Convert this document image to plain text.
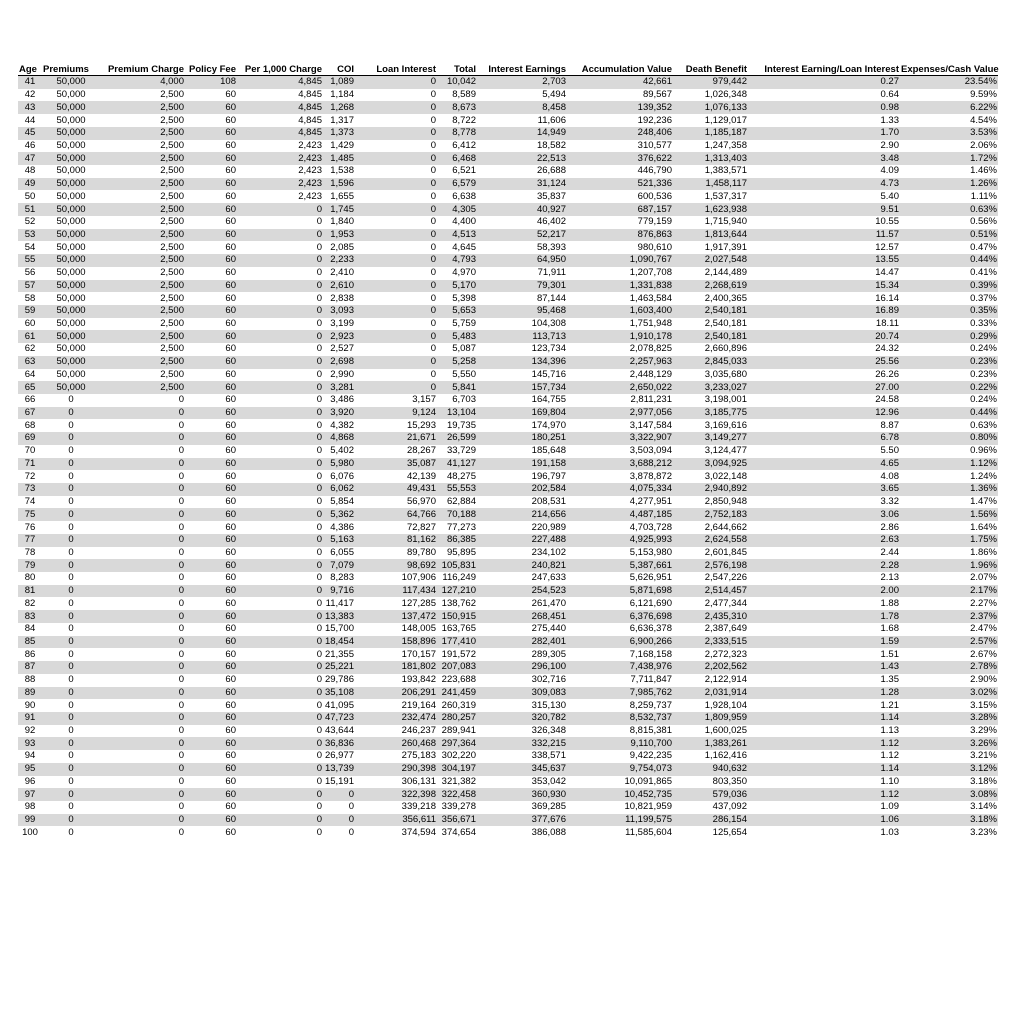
Age	Premiums	Premium Charge	Policy Fee	Per 1,000 Charge	COI	Loan Interest	Total	Interest Earnings	Accumulation Value	Death Benefit	Interest Earning/Loan Interest	Expenses/Cash Value
41	50,000	4,000	108	4,845	1,089	0	10,042	2,703	42,661	979,442	0.27	23.54%
42	50,000	2,500	60	4,845	1,184	0	8,589	5,494	89,567	1,026,348	0.64	9.59%
43	50,000	2,500	60	4,845	1,268	0	8,673	8,458	139,352	1,076,133	0.98	6.22%
44	50,000	2,500	60	4,845	1,317	0	8,722	11,606	192,236	1,129,017	1.33	4.54%
45	50,000	2,500	60	4,845	1,373	0	8,778	14,949	248,406	1,185,187	1.70	3.53%
46	50,000	2,500	60	2,423	1,429	0	6,412	18,582	310,577	1,247,358	2.90	2.06%
47	50,000	2,500	60	2,423	1,485	0	6,468	22,513	376,622	1,313,403	3.48	1.72%
48	50,000	2,500	60	2,423	1,538	0	6,521	26,688	446,790	1,383,571	4.09	1.46%
49	50,000	2,500	60	2,423	1,596	0	6,579	31,124	521,336	1,458,117	4.73	1.26%
50	50,000	2,500	60	2,423	1,655	0	6,638	35,837	600,536	1,537,317	5.40	1.11%
51	50,000	2,500	60	0	1,745	0	4,305	40,927	687,157	1,623,938	9.51	0.63%
52	50,000	2,500	60	0	1,840	0	4,400	46,402	779,159	1,715,940	10.55	0.56%
53	50,000	2,500	60	0	1,953	0	4,513	52,217	876,863	1,813,644	11.57	0.51%
54	50,000	2,500	60	0	2,085	0	4,645	58,393	980,610	1,917,391	12.57	0.47%
55	50,000	2,500	60	0	2,233	0	4,793	64,950	1,090,767	2,027,548	13.55	0.44%
56	50,000	2,500	60	0	2,410	0	4,970	71,911	1,207,708	2,144,489	14.47	0.41%
57	50,000	2,500	60	0	2,610	0	5,170	79,301	1,331,838	2,268,619	15.34	0.39%
58	50,000	2,500	60	0	2,838	0	5,398	87,144	1,463,584	2,400,365	16.14	0.37%
59	50,000	2,500	60	0	3,093	0	5,653	95,468	1,603,400	2,540,181	16.89	0.35%
60	50,000	2,500	60	0	3,199	0	5,759	104,308	1,751,948	2,540,181	18.11	0.33%
61	50,000	2,500	60	0	2,923	0	5,483	113,713	1,910,178	2,540,181	20.74	0.29%
62	50,000	2,500	60	0	2,527	0	5,087	123,734	2,078,825	2,660,896	24.32	0.24%
63	50,000	2,500	60	0	2,698	0	5,258	134,396	2,257,963	2,845,033	25.56	0.23%
64	50,000	2,500	60	0	2,990	0	5,550	145,716	2,448,129	3,035,680	26.26	0.23%
65	50,000	2,500	60	0	3,281	0	5,841	157,734	2,650,022	3,233,027	27.00	0.22%
66	0	0	60	0	3,486	3,157	6,703	164,755	2,811,231	3,198,001	24.58	0.24%
67	0	0	60	0	3,920	9,124	13,104	169,804	2,977,056	3,185,775	12.96	0.44%
68	0	0	60	0	4,382	15,293	19,735	174,970	3,147,584	3,169,616	8.87	0.63%
69	0	0	60	0	4,868	21,671	26,599	180,251	3,322,907	3,149,277	6.78	0.80%
70	0	0	60	0	5,402	28,267	33,729	185,648	3,503,094	3,124,477	5.50	0.96%
71	0	0	60	0	5,980	35,087	41,127	191,158	3,688,212	3,094,925	4.65	1.12%
72	0	0	60	0	6,076	42,139	48,275	196,797	3,878,872	3,022,148	4.08	1.24%
73	0	0	60	0	6,062	49,431	55,553	202,584	4,075,334	2,940,892	3.65	1.36%
74	0	0	60	0	5,854	56,970	62,884	208,531	4,277,951	2,850,948	3.32	1.47%
75	0	0	60	0	5,362	64,766	70,188	214,656	4,487,185	2,752,183	3.06	1.56%
76	0	0	60	0	4,386	72,827	77,273	220,989	4,703,728	2,644,662	2.86	1.64%
77	0	0	60	0	5,163	81,162	86,385	227,488	4,925,993	2,624,558	2.63	1.75%
78	0	0	60	0	6,055	89,780	95,895	234,102	5,153,980	2,601,845	2.44	1.86%
79	0	0	60	0	7,079	98,692	105,831	240,821	5,387,661	2,576,198	2.28	1.96%
80	0	0	60	0	8,283	107,906	116,249	247,633	5,626,951	2,547,226	2.13	2.07%
81	0	0	60	0	9,716	117,434	127,210	254,523	5,871,698	2,514,457	2.00	2.17%
82	0	0	60	0	11,417	127,285	138,762	261,470	6,121,690	2,477,344	1.88	2.27%
83	0	0	60	0	13,383	137,472	150,915	268,451	6,376,698	2,435,310	1.78	2.37%
84	0	0	60	0	15,700	148,005	163,765	275,440	6,636,378	2,387,649	1.68	2.47%
85	0	0	60	0	18,454	158,896	177,410	282,401	6,900,266	2,333,515	1.59	2.57%
86	0	0	60	0	21,355	170,157	191,572	289,305	7,168,158	2,272,323	1.51	2.67%
87	0	0	60	0	25,221	181,802	207,083	296,100	7,438,976	2,202,562	1.43	2.78%
88	0	0	60	0	29,786	193,842	223,688	302,716	7,711,847	2,122,914	1.35	2.90%
89	0	0	60	0	35,108	206,291	241,459	309,083	7,985,762	2,031,914	1.28	3.02%
90	0	0	60	0	41,095	219,164	260,319	315,130	8,259,737	1,928,104	1.21	3.15%
91	0	0	60	0	47,723	232,474	280,257	320,782	8,532,737	1,809,959	1.14	3.28%
92	0	0	60	0	43,644	246,237	289,941	326,348	8,815,381	1,600,025	1.13	3.29%
93	0	0	60	0	36,836	260,468	297,364	332,215	9,110,700	1,383,261	1.12	3.26%
94	0	0	60	0	26,977	275,183	302,220	338,571	9,422,235	1,162,416	1.12	3.21%
95	0	0	60	0	13,739	290,398	304,197	345,637	9,754,073	940,632	1.14	3.12%
96	0	0	60	0	15,191	306,131	321,382	353,042	10,091,865	803,350	1.10	3.18%
97	0	0	60	0	0	322,398	322,458	360,930	10,452,735	579,036	1.12	3.08%
98	0	0	60	0	0	339,218	339,278	369,285	10,821,959	437,092	1.09	3.14%
99	0	0	60	0	0	356,611	356,671	377,676	11,199,575	286,154	1.06	3.18%
100	0	0	60	0	0	374,594	374,654	386,088	11,585,604	125,654	1.03	3.23%
